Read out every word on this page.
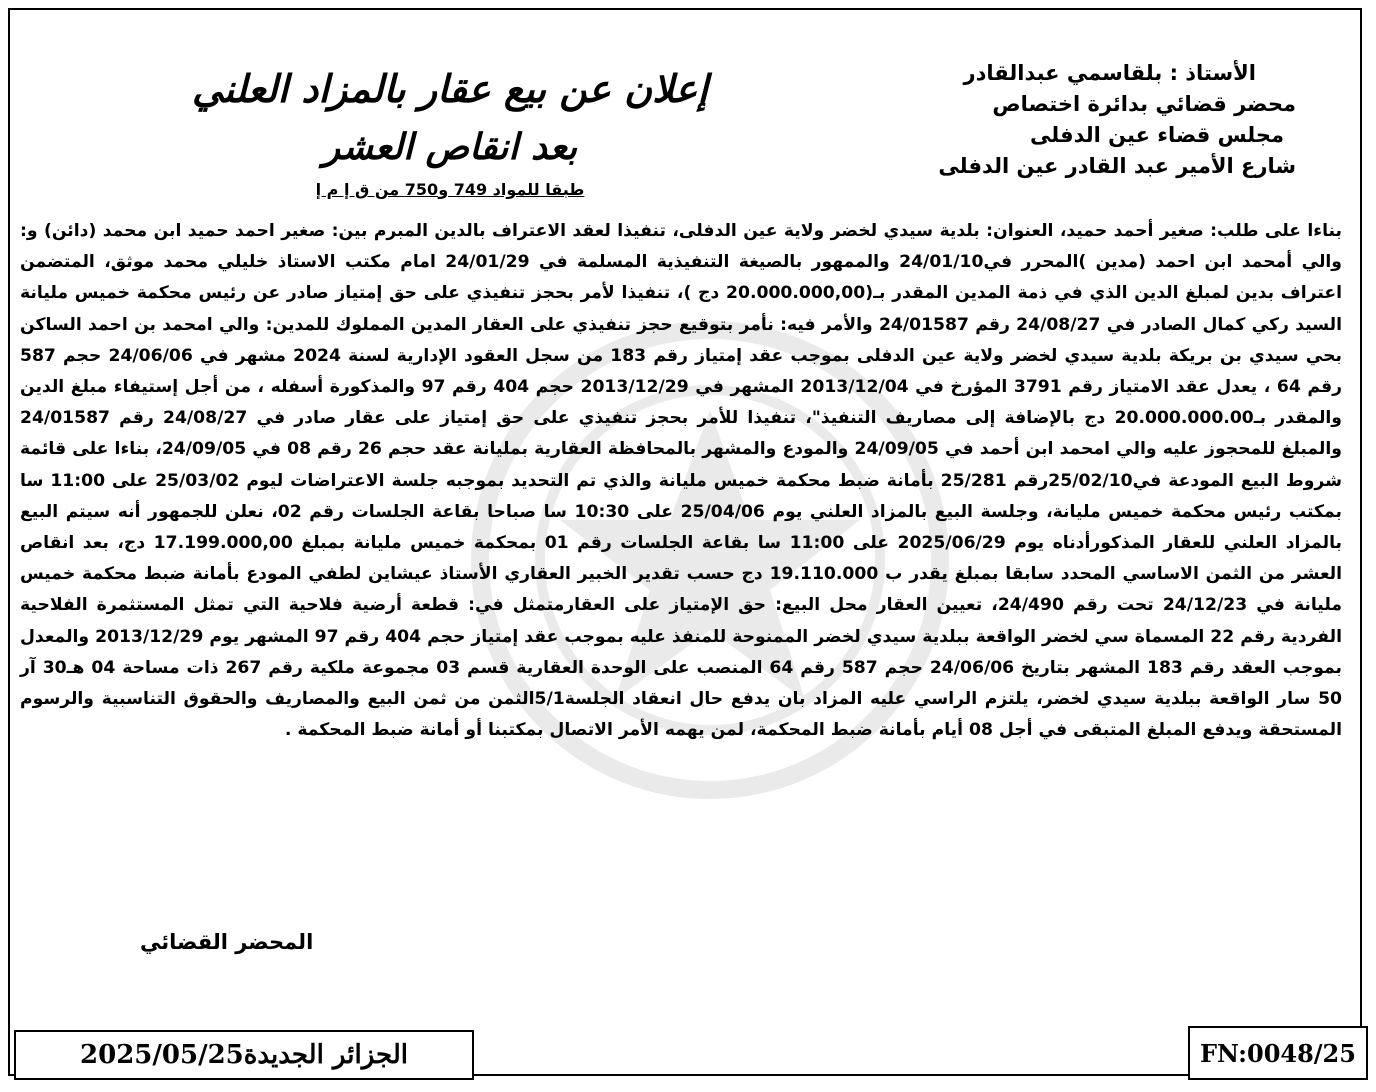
الأستاذ : بلقاسمي عبدالقادر
محضر قضائي بدائرة اختصاص
مجلس قضاء عين الدفلى
شارع الأمير عبد القادر عين الدفلى
إعلان عن بيع عقار بالمزاد العلني
بعد انقاص العشر
طبقا للمواد 749 و750 من ق إ م إ

بناءا على طلب: صغير أحمد حميد، العنوان: بلدية سيدي لخضر ولاية عين الدفلى، تنفيذا لعقد الاعتراف بالدين المبرم بين: صغير احمد حميد ابن محمد (دائن) و: والي أمحمد ابن احمد (مدين )المحرر في24/01/10 والممهور بالصيغة التنفيذية المسلمة في 24/01/29 امام مكتب الاستاذ خليلي محمد موثق، المتضمن اعتراف بدين لمبلغ الدين الذي في ذمة المدين المقدر بـ(20.000.000,00 دج )، تنفيذا لأمر بحجز تنفيذي على حق إمتياز صادر عن رئيس محكمة خميس مليانة السيد ركي كمال الصادر في 24/08/27 رقم 24/01587 والأمر فيه: نأمر بتوقيع حجز تنفيذي على العقار المدين المملوك للمدين: والي امحمد بن احمد الساكن بحي سيدي بن بريكة بلدية سيدي لخضر ولاية عين الدفلى بموجب عقد إمتياز رقم 183 من سجل العقود الإدارية لسنة 2024 مشهر في 24/06/06 حجم 587 رقم 64 ، يعدل عقد الامتياز رقم 3791 المؤرخ في 2013/12/04 المشهر في 2013/12/29 حجم 404 رقم 97 والمذكورة أسفله ، من أجل إستيفاء مبلغ الدين والمقدر بـ20.000.000.00 دج بالإضافة إلى مصاريف التنفيذ"، تنفيذا للأمر بحجز تنفيذي على حق إمتياز على عقار صادر في 24/08/27 رقم 24/01587 والمبلغ للمحجوز عليه والي امحمد ابن أحمد في 24/09/05 والمودع والمشهر بالمحافظة العقارية بمليانة عقد حجم 26 رقم 08 في 24/09/05، بناءا على قائمة شروط البيع المودعة في25/02/10رقم 25/281 بأمانة ضبط محكمة خميس مليانة والذي تم التحديد بموجبه جلسة الاعتراضات ليوم 25/03/02 على 11:00 سا بمكتب رئيس محكمة خميس مليانة، وجلسة البيع بالمزاد العلني يوم 25/04/06 على 10:30 سا صباحا بقاعة الجلسات رقم 02، نعلن للجمهور أنه سيتم البيع بالمزاد العلني للعقار المذكورأدناه يوم 2025/06/29 على 11:00 سا بقاعة الجلسات رقم 01 بمحكمة خميس مليانة بمبلغ 17.199.000,00 دج، بعد انقاص العشر من الثمن الاساسي المحدد سابقا بمبلغ يقدر ب 19.110.000 دج حسب تقدير الخبير العقاري الأستاذ عيشاين لطفي المودع بأمانة ضبط محكمة خميس مليانة في 24/12/23 تحت رقم 24/490، تعيين العقار محل البيع: حق الإمتياز على العقارمتمثل في: قطعة أرضية فلاحية التي تمثل المستثمرة الفلاحية الفردية رقم 22 المسماة سي لخضر الواقعة ببلدية سيدي لخضر الممنوحة للمنفذ عليه بموجب عقد إمتياز حجم 404 رقم 97 المشهر يوم 2013/12/29 والمعدل بموجب العقد رقم 183 المشهر بتاريخ 24/06/06 حجم 587 رقم 64 المنصب على الوحدة العقارية قسم 03 مجموعة ملكية رقم 267 ذات مساحة 04 هـ30 آر 50 سار الواقعة ببلدية سيدي لخضر، يلتزم الراسي عليه المزاد بان يدفع حال انعقاد الجلسة5/1الثمن من ثمن البيع والمصاريف والحقوق التناسبية والرسوم المستحقة ويدفع المبلغ المتبقى في أجل 08 أيام بأمانة ضبط المحكمة، لمن يهمه الأمر الاتصال بمكتبنا أو أمانة ضبط المحكمة .

المحضر القضائي
الجزائر الجديدة2025/05/25	FN:0048/25
